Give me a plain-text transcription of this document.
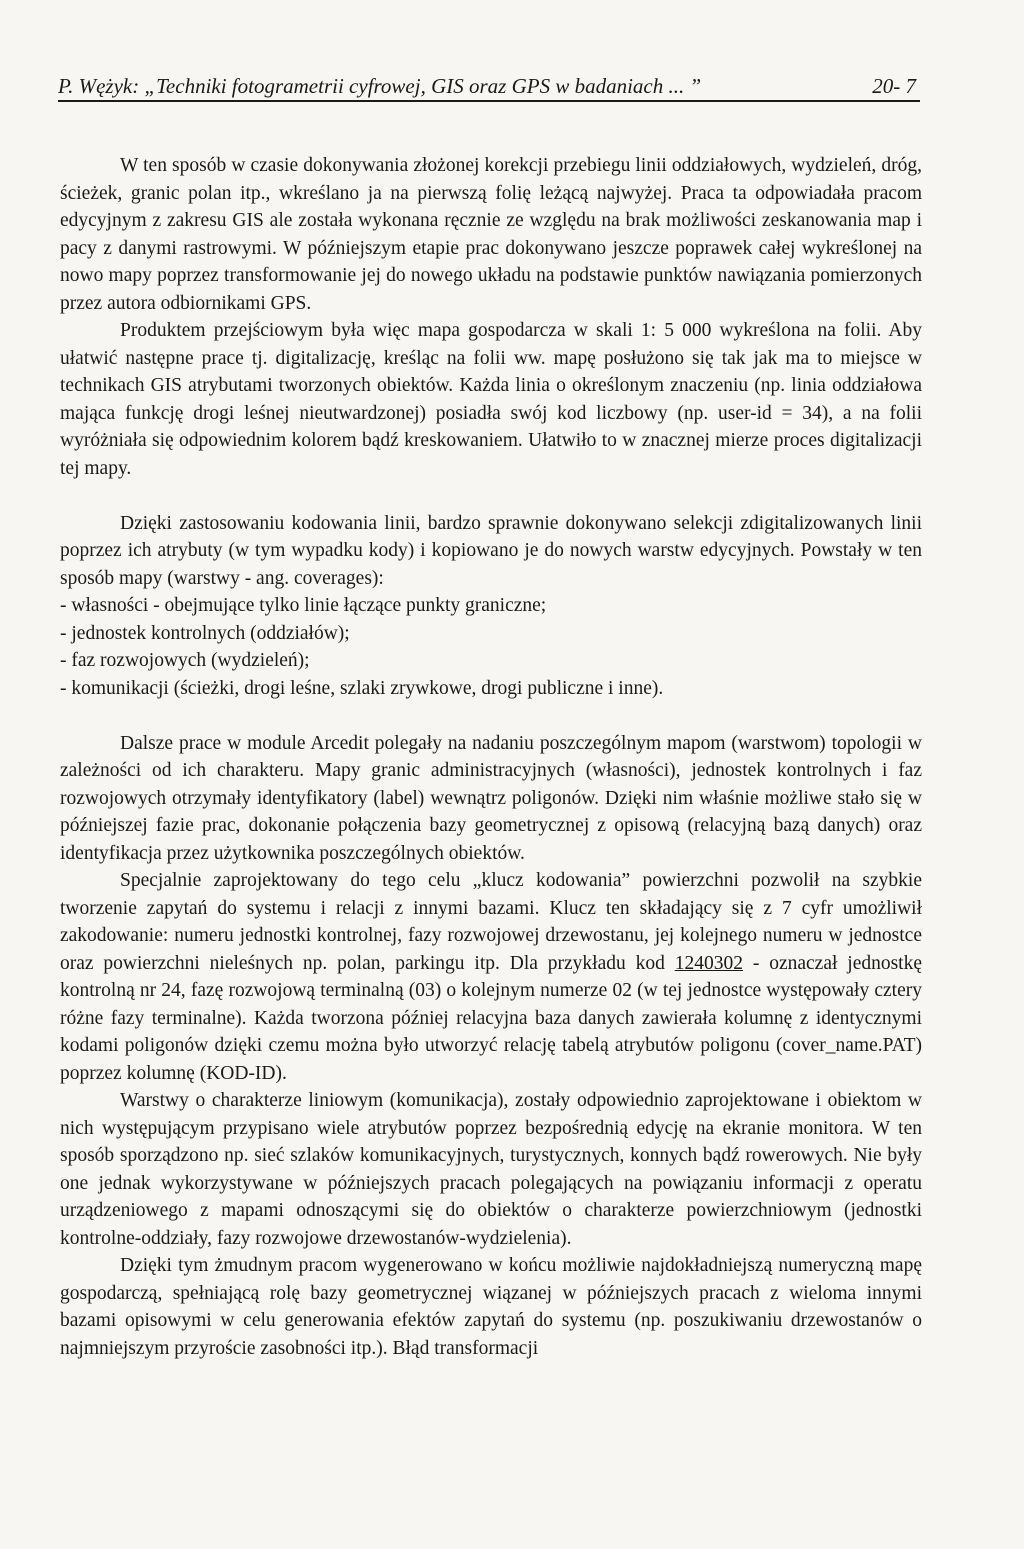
P. Wężyk: „Techniki fotogrametrii cyfrowej, GIS oraz GPS w badaniach ... ”	20- 7

W ten sposób w czasie dokonywania złożonej korekcji przebiegu linii oddziałowych, wydzieleń, dróg, ścieżek, granic polan itp., wkreślano ja na pierwszą folię leżącą najwyżej. Praca ta odpowiadała pracom edycyjnym z zakresu GIS ale została wykonana ręcznie ze względu na brak możliwości zeskanowania map i pacy z danymi rastrowymi. W późniejszym etapie prac dokonywano jeszcze poprawek całej wykreślonej na nowo mapy poprzez transformowanie jej do nowego układu na podstawie punktów nawiązania pomierzonych przez autora odbiornikami GPS.

Produktem przejściowym była więc mapa gospodarcza w skali 1: 5 000 wykreślona na folii. Aby ułatwić następne prace tj. digitalizację, kreśląc na folii ww. mapę posłużono się tak jak ma to miejsce w technikach GIS atrybutami tworzonych obiektów. Każda linia o określonym znaczeniu (np. linia oddziałowa mająca funkcję drogi leśnej nieutwardzonej) posiadła swój kod liczbowy (np. user-id = 34), a na folii wyróżniała się odpowiednim kolorem bądź kreskowaniem. Ułatwiło to w znacznej mierze proces digitalizacji tej mapy.

Dzięki zastosowaniu kodowania linii, bardzo sprawnie dokonywano selekcji zdigitalizowanych linii poprzez ich atrybuty (w tym wypadku kody) i kopiowano je do nowych warstw edycyjnych. Powstały w ten sposób mapy (warstwy - ang. coverages):

- własności - obejmujące tylko linie łączące punkty graniczne;
- jednostek kontrolnych (oddziałów);
- faz rozwojowych (wydzieleń);
- komunikacji (ścieżki, drogi leśne, szlaki zrywkowe, drogi publiczne i inne).

Dalsze prace w module Arcedit polegały na nadaniu poszczególnym mapom (warstwom) topologii w zależności od ich charakteru. Mapy granic administracyjnych (własności), jednostek kontrolnych i faz rozwojowych otrzymały identyfikatory (label) wewnątrz poligonów. Dzięki nim właśnie możliwe stało się w późniejszej fazie prac, dokonanie połączenia bazy geometrycznej z opisową (relacyjną bazą danych) oraz identyfikacja przez użytkownika poszczególnych obiektów.

Specjalnie zaprojektowany do tego celu „klucz kodowania” powierzchni pozwolił na szybkie tworzenie zapytań do systemu i relacji z innymi bazami. Klucz ten składający się z 7 cyfr umożliwił zakodowanie: numeru jednostki kontrolnej, fazy rozwojowej drzewostanu, jej kolejnego numeru w jednostce oraz powierzchni nieleśnych np. polan, parkingu itp. Dla przykładu kod 1240302 - oznaczał jednostkę kontrolną nr 24, fazę rozwojową terminalną (03) o kolejnym numerze 02 (w tej jednostce występowały cztery różne fazy terminalne). Każda tworzona później relacyjna baza danych zawierała kolumnę z identycznymi kodami poligonów dzięki czemu można było utworzyć relację tabelą atrybutów poligonu (cover_name.PAT) poprzez kolumnę (KOD-ID).

Warstwy o charakterze liniowym (komunikacja), zostały odpowiednio zaprojektowane i obiektom w nich występującym przypisano wiele atrybutów poprzez bezpośrednią edycję na ekranie monitora. W ten sposób sporządzono np. sieć szlaków komunikacyjnych, turystycznych, konnych bądź rowerowych. Nie były one jednak wykorzystywane w późniejszych pracach polegających na powiązaniu informacji z operatu urządzeniowego z mapami odnoszącymi się do obiektów o charakterze powierzchniowym (jednostki kontrolne-oddziały, fazy rozwojowe drzewostanów-wydzielenia).

Dzięki tym żmudnym pracom wygenerowano w końcu możliwie najdokładniejszą numeryczną mapę gospodarczą, spełniającą rolę bazy geometrycznej wiązanej w późniejszych pracach z wieloma innymi bazami opisowymi w celu generowania efektów zapytań do systemu (np. poszukiwaniu drzewostanów o najmniejszym przyroście zasobności itp.). Błąd transformacji
